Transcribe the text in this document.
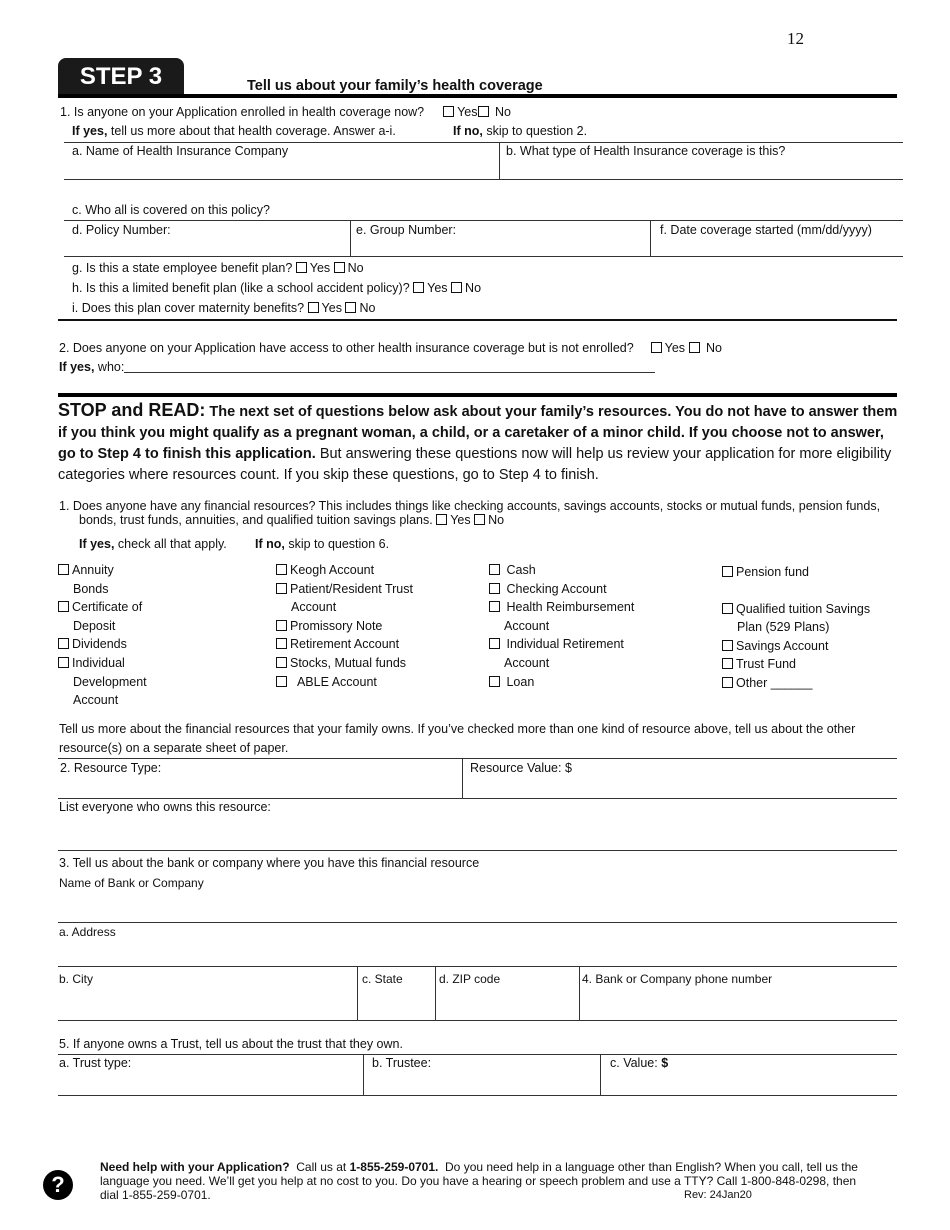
12
STEP 3	Tell us about your family’s health coverage
1. Is anyone on your Application enrolled in health coverage now?	Yes No
If yes, tell us more about that health coverage. Answer a-i.	If no, skip to question 2.
a. Name of Health Insurance Company	b. What type of Health Insurance coverage is this?
c. Who all is covered on this policy?
d. Policy Number:	e. Group Number:	f. Date coverage started (mm/dd/yyyy)
g. Is this a state employee benefit plan? Yes No
h. Is this a limited benefit plan (like a school accident policy)? Yes No
i. Does this plan cover maternity benefits? Yes No
2. Does anyone on your Application have access to other health insurance coverage but is not enrolled? Yes No
If yes, who:
STOP and READ: The next set of questions below ask about your family’s resources. You do not have to answer them if you think you might qualify as a pregnant woman, a child, or a caretaker of a minor child. If you choose not to answer, go to Step 4 to finish this application. But answering these questions now will help us review your application for more eligibility categories where resources count. If you skip these questions, go to Step 4 to finish.
1. Does anyone have any financial resources? This includes things like checking accounts, savings accounts, stocks or mutual funds, pension funds,
bonds, trust funds, annuities, and qualified tuition savings plans. Yes No
If yes, check all that apply. If no, skip to question 6.
Annuity
Bonds
Certificate of
Deposit
Dividends
Individual
Development
Account
Keogh Account
Patient/Resident Trust
Account
Promissory Note
Retirement Account
Stocks, Mutual funds
ABLE Account
Cash
Checking Account
Health Reimbursement
Account
Individual Retirement
Account
Loan
Pension fund
Qualified tuition Savings
Plan (529 Plans)
Savings Account
Trust Fund
Other ______
Tell us more about the financial resources that your family owns. If you’ve checked more than one kind of resource above, tell us about the other
resource(s) on a separate sheet of paper.
2. Resource Type:	Resource Value: $
List everyone who owns this resource:
3. Tell us about the bank or company where you have this financial resource
Name of Bank or Company
a. Address
b. City	c. State	d. ZIP code	4. Bank or Company phone number
5. If anyone owns a Trust, tell us about the trust that they own.
a. Trust type:	b. Trustee:	c. Value: $
?
Need help with your Application? Call us at 1-855-259-0701. Do you need help in a language other than English? When you call, tell us the
language you need. We’ll get you help at no cost to you. Do you have a hearing or speech problem and use a TTY? Call 1-800-848-0298, then
dial 1-855-259-0701.	Rev: 24Jan20
